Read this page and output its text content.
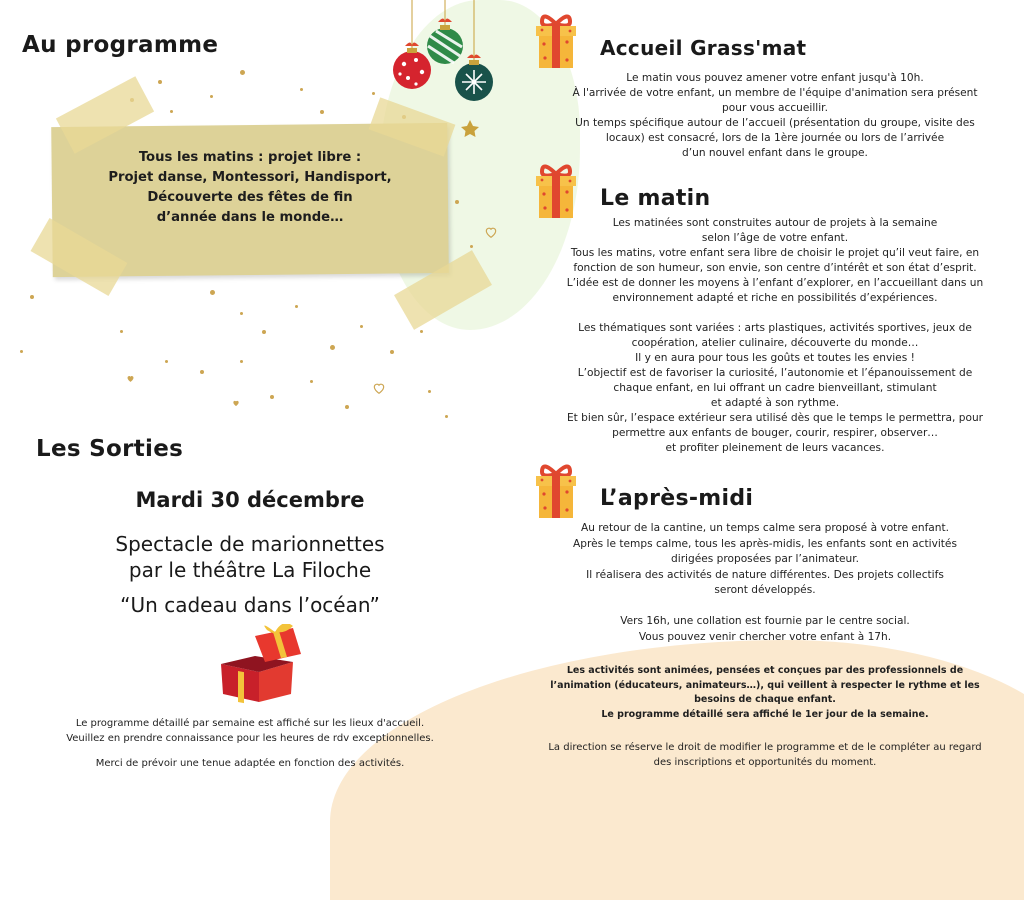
Au programme
Tous les matins : projet libre :
Projet danse, Montessori, Handisport,
Découverte des fêtes de fin
d’année dans le monde…
Les Sorties
Mardi 30 décembre
Spectacle de marionnettes
par le théâtre La Filoche
“Un cadeau dans l’océan”

Le programme détaillé par semaine est affiché sur les lieux d'accueil.
Veuillez en prendre connaissance pour les heures de rdv exceptionnelles.

Merci de prévoir une tenue adaptée en fonction des activités.

Accueil Grass'mat

Le matin vous pouvez amener votre enfant jusqu'à 10h.
À l'arrivée de votre enfant, un membre de l'équipe d'animation sera présent
pour vous accueillir.
Un temps spécifique autour de l’accueil (présentation du groupe, visite des
locaux) est consacré, lors de la 1ère journée ou lors de l’arrivée
d’un nouvel enfant dans le groupe.

Le matin

Les matinées sont construites autour de projets à la semaine
selon l’âge de votre enfant.
Tous les matins, votre enfant sera libre de choisir le projet qu’il veut faire, en
fonction de son humeur, son envie, son centre d’intérêt et son état d’esprit.
L’idée est de donner les moyens à l’enfant d’explorer, en l’accueillant dans un
environnement adapté et riche en possibilités d’expériences.

Les thématiques sont variées : arts plastiques, activités sportives, jeux de
coopération, atelier culinaire, découverte du monde…
Il y en aura pour tous les goûts et toutes les envies !
L’objectif est de favoriser la curiosité, l’autonomie et l’épanouissement de
chaque enfant, en lui offrant un cadre bienveillant, stimulant
et adapté à son rythme.
Et bien sûr, l’espace extérieur sera utilisé dès que le temps le permettra, pour
permettre aux enfants de bouger, courir, respirer, observer…
et profiter pleinement de leurs vacances.

L’après-midi

Au retour de la cantine, un temps calme sera proposé à votre enfant.
Après le temps calme, tous les après-midis, les enfants sont en activités
dirigées proposées par l’animateur.
Il réalisera des activités de nature différentes. Des projets collectifs
seront développés.

Vers 16h, une collation est fournie par le centre social.
Vous pouvez venir chercher votre enfant à 17h.

Les activités sont animées, pensées et conçues par des professionnels de
l’animation (éducateurs, animateurs…), qui veillent à respecter le rythme et les
besoins de chaque enfant.
Le programme détaillé sera affiché le 1er jour de la semaine.

La direction se réserve le droit de modifier le programme et de le compléter au regard
des inscriptions et opportunités du moment.
